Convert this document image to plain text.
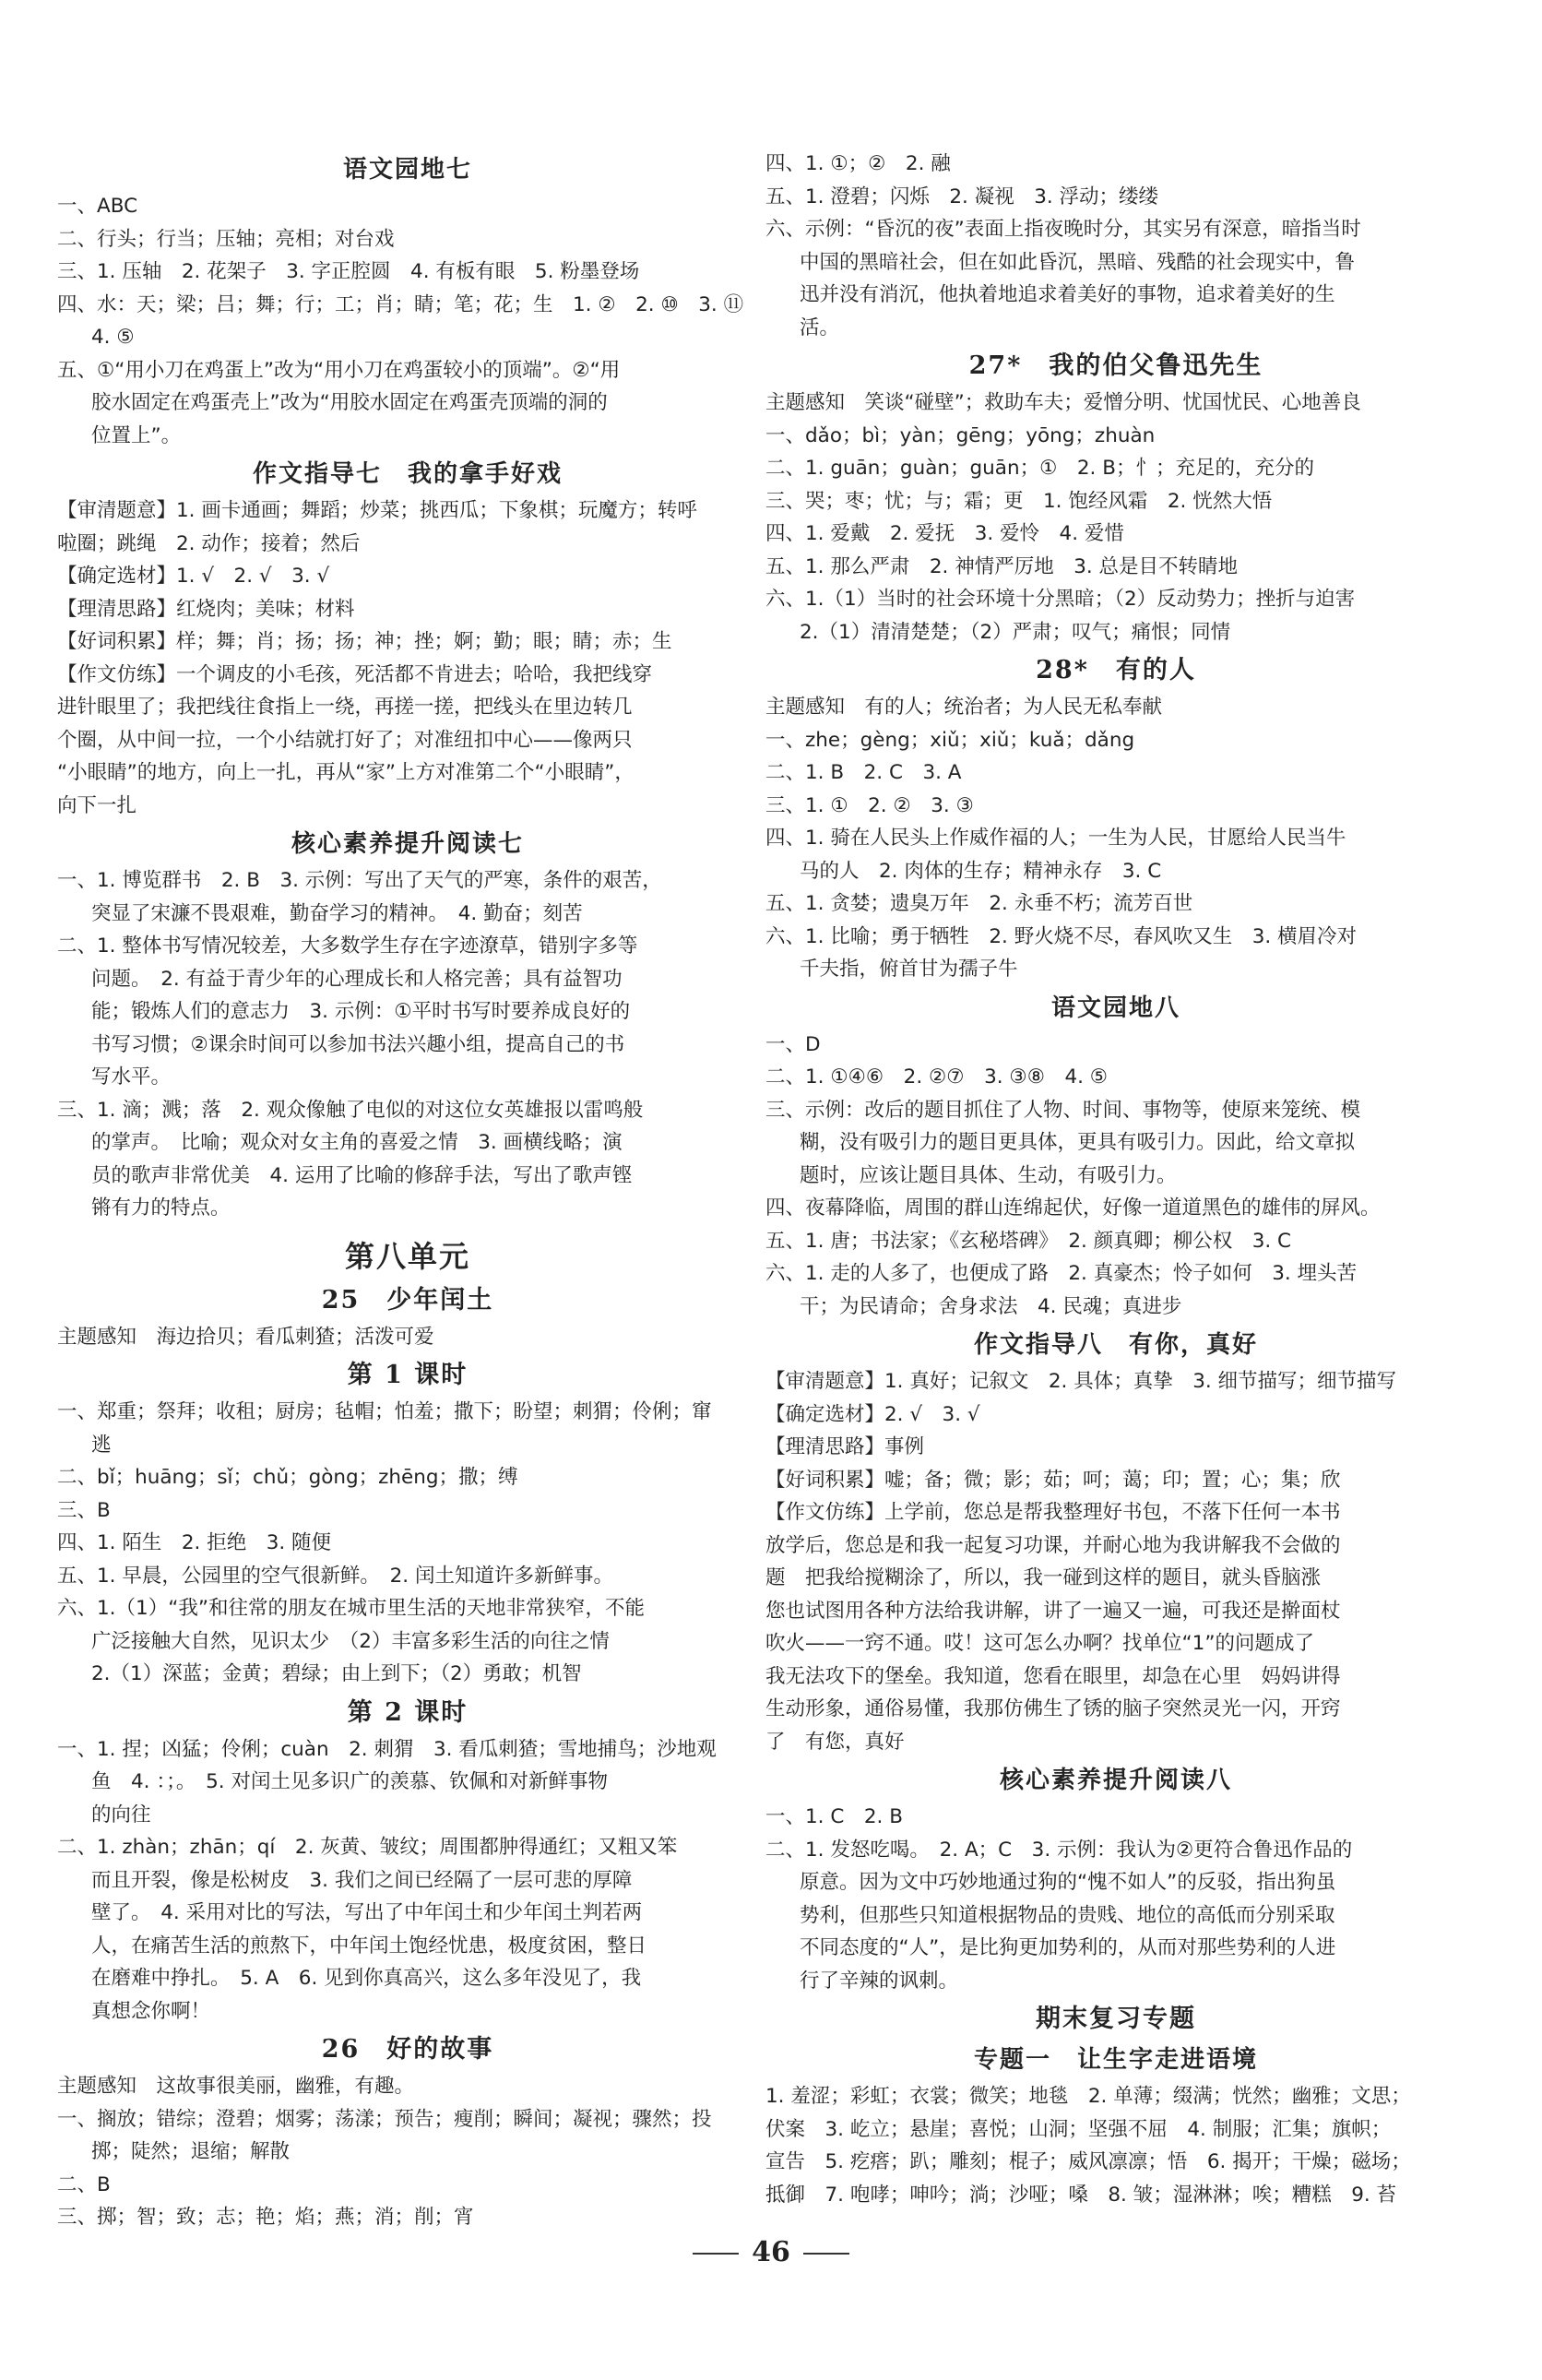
语文园地七
一、ABC
二、行头；行当；压轴；亮相；对台戏
三、1. 压轴　2. 花架子　3. 字正腔圆　4. 有板有眼　5. 粉墨登场
四、水：天；梁；吕；舞；行；工；肖；睛；笔；花；生　1. ②　2. ⑩　3. ⑪
4. ⑤
五、①“用小刀在鸡蛋上”改为“用小刀在鸡蛋较小的顶端”。②“用
胶水固定在鸡蛋壳上”改为“用胶水固定在鸡蛋壳顶端的洞的
位置上”。
作文指导七　我的拿手好戏
【审清题意】1. 画卡通画；舞蹈；炒菜；挑西瓜；下象棋；玩魔方；转呼
啦圈；跳绳　2. 动作；接着；然后
【确定选材】1. √　2. √　3. √
【理清思路】红烧肉；美味；材料
【好词积累】样；舞；肖；扬；扬；神；挫；婀；勤；眼；睛；赤；生
【作文仿练】一个调皮的小毛孩，死活都不肯进去；哈哈，我把线穿
进针眼里了；我把线往食指上一绕，再搓一搓，把线头在里边转几
个圈，从中间一拉，一个小结就打好了；对准纽扣中心——像两只
“小眼睛”的地方，向上一扎，再从“家”上方对准第二个“小眼睛”，
向下一扎
核心素养提升阅读七
一、1. 博览群书　2. B　3. 示例：写出了天气的严寒，条件的艰苦，
突显了宋濂不畏艰难，勤奋学习的精神。　4. 勤奋；刻苦
二、1. 整体书写情况较差，大多数学生存在字迹潦草，错别字多等
问题。　2. 有益于青少年的心理成长和人格完善；具有益智功
能；锻炼人们的意志力　3. 示例：①平时书写时要养成良好的
书写习惯；②课余时间可以参加书法兴趣小组，提高自己的书
写水平。
三、1. 滴；溅；落　2. 观众像触了电似的对这位女英雄报以雷鸣般
的掌声。　比喻；观众对女主角的喜爱之情　3. 画横线略；演
员的歌声非常优美　4. 运用了比喻的修辞手法，写出了歌声铿
锵有力的特点。
第八单元
25　少年闰土
主题感知　海边拾贝；看瓜刺猹；活泼可爱
第 1 课时
一、郑重；祭拜；收租；厨房；毡帽；怕羞；撒下；盼望；刺猬；伶俐；窜
逃
二、bǐ；huāng；sǐ；chǔ；gòng；zhēng；撒；缚
三、B
四、1. 陌生　2. 拒绝　3. 随便
五、1. 早晨，公园里的空气很新鲜。　2. 闰土知道许多新鲜事。
六、1.（1）“我”和往常的朋友在城市里生活的天地非常狭窄，不能
广泛接触大自然，见识太少　（2）丰富多彩生活的向往之情
2.（1）深蓝；金黄；碧绿；由上到下；（2）勇敢；机智
第 2 课时
一、1. 捏；凶猛；伶俐；cuàn　2. 刺猬　3. 看瓜刺猹；雪地捕鸟；沙地观
鱼　4. ：；。　5. 对闰土见多识广的羡慕、钦佩和对新鲜事物
的向往
二、1. zhàn；zhān；qí　2. 灰黄、皱纹；周围都肿得通红；又粗又笨
而且开裂，像是松树皮　3. 我们之间已经隔了一层可悲的厚障
壁了。　4. 采用对比的写法，写出了中年闰土和少年闰土判若两
人，在痛苦生活的煎熬下，中年闰土饱经忧患，极度贫困，整日
在磨难中挣扎。　5. A　6. 见到你真高兴，这么多年没见了，我
真想念你啊！
26　好的故事
主题感知　这故事很美丽，幽雅，有趣。
一、搁放；错综；澄碧；烟雾；荡漾；预告；瘦削；瞬间；凝视；骤然；投
掷；陡然；退缩；解散
二、B
三、掷；智；致；志；艳；焰；燕；消；削；宵
四、1. ①；②　2. 融
五、1. 澄碧；闪烁　2. 凝视　3. 浮动；缕缕
六、示例：“昏沉的夜”表面上指夜晚时分，其实另有深意，暗指当时
中国的黑暗社会，但在如此昏沉，黑暗、残酷的社会现实中，鲁
迅并没有消沉，他执着地追求着美好的事物，追求着美好的生
活。
27*　我的伯父鲁迅先生
主题感知　笑谈“碰壁”；救助车夫；爱憎分明、忧国忧民、心地善良
一、dǎo；bì；yàn；gēng；yōng；zhuàn
二、1. guān；guàn；guān；①　2. B；忄；充足的，充分的
三、哭；枣；忧；与；霜；更　1. 饱经风霜　2. 恍然大悟
四、1. 爱戴　2. 爱抚　3. 爱怜　4. 爱惜
五、1. 那么严肃　2. 神情严厉地　3. 总是目不转睛地
六、1.（1）当时的社会环境十分黑暗；（2）反动势力；挫折与迫害
2.（1）清清楚楚；（2）严肃；叹气；痛恨；同情
28*　有的人
主题感知　有的人；统治者；为人民无私奉献
一、zhe；gèng；xiǔ；xiǔ；kuǎ；dǎng
二、1. B　2. C　3. A
三、1. ①　2. ②　3. ③
四、1. 骑在人民头上作威作福的人；一生为人民，甘愿给人民当牛
马的人　2. 肉体的生存；精神永存　3. C
五、1. 贪婪；遗臭万年　2. 永垂不朽；流芳百世
六、1. 比喻；勇于牺牲　2. 野火烧不尽，春风吹又生　3. 横眉冷对
千夫指，俯首甘为孺子牛
语文园地八
一、D
二、1. ①④⑥　2. ②⑦　3. ③⑧　4. ⑤
三、示例：改后的题目抓住了人物、时间、事物等，使原来笼统、模
糊，没有吸引力的题目更具体，更具有吸引力。因此，给文章拟
题时，应该让题目具体、生动，有吸引力。
四、夜幕降临，周围的群山连绵起伏，好像一道道黑色的雄伟的屏风。
五、1. 唐；书法家；《玄秘塔碑》　2. 颜真卿；柳公权　3. C
六、1. 走的人多了，也便成了路　2. 真豪杰；怜子如何　3. 埋头苦
干；为民请命；舍身求法　4. 民魂；真进步
作文指导八　有你，真好
【审清题意】1. 真好；记叙文　2. 具体；真挚　3. 细节描写；细节描写
【确定选材】2. √　3. √
【理清思路】事例
【好词积累】嘘；备；微；影；茹；呵；蔼；印；置；心；集；欣
【作文仿练】上学前，您总是帮我整理好书包，不落下任何一本书
放学后，您总是和我一起复习功课，并耐心地为我讲解我不会做的
题　把我给搅糊涂了，所以，我一碰到这样的题目，就头昏脑涨
您也试图用各种方法给我讲解，讲了一遍又一遍，可我还是擀面杖
吹火——一窍不通。哎！这可怎么办啊？找单位“1”的问题成了
我无法攻下的堡垒。我知道，您看在眼里，却急在心里　妈妈讲得
生动形象，通俗易懂，我那仿佛生了锈的脑子突然灵光一闪，开窍
了　有您，真好
核心素养提升阅读八
一、1. C　2. B
二、1. 发怒吃喝。　2. A；C　3. 示例：我认为②更符合鲁迅作品的
原意。因为文中巧妙地通过狗的“愧不如人”的反驳，指出狗虽
势利，但那些只知道根据物品的贵贱、地位的高低而分别采取
不同态度的“人”，是比狗更加势利的，从而对那些势利的人进
行了辛辣的讽刺。
期末复习专题
专题一　让生字走进语境
1. 羞涩；彩虹；衣裳；微笑；地毯　2. 单薄；缀满；恍然；幽雅；文思；
伏案　3. 屹立；悬崖；喜悦；山洞；坚强不屈　4. 制服；汇集；旗帜；
宣告　5. 疙瘩；趴；雕刻；棍子；威风凛凛；悟　6. 揭开；干燥；磁场；
抵御　7. 咆哮；呻吟；淌；沙哑；嗓　8. 皱；湿淋淋；唉；糟糕　9. 苔
46
